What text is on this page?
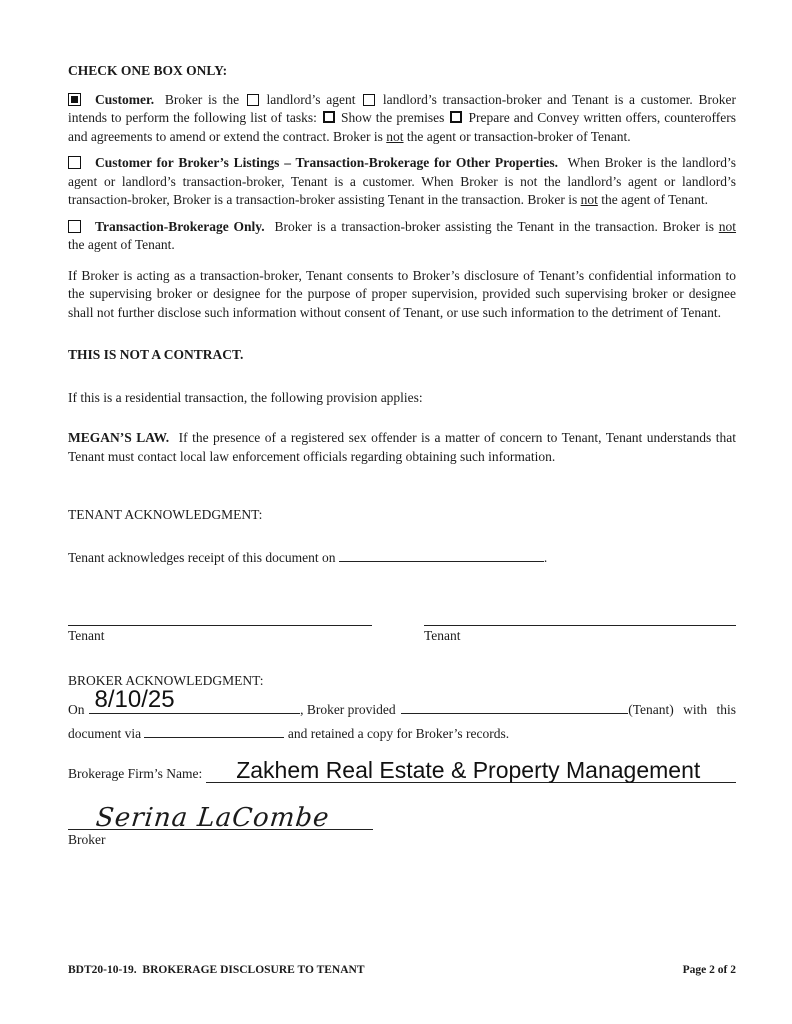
CHECK ONE BOX ONLY:

Customer. Broker is the landlord’s agent landlord’s transaction-broker and Tenant is a customer. Broker intends to perform the following list of tasks: Show the premises Prepare and Convey written offers, counteroffers and agreements to amend or extend the contract. Broker is not the agent or transaction-broker of Tenant.

Customer for Broker’s Listings – Transaction-Brokerage for Other Properties. When Broker is the landlord’s agent or landlord’s transaction-broker, Tenant is a customer. When Broker is not the landlord’s agent or landlord’s transaction-broker, Broker is a transaction-broker assisting Tenant in the transaction. Broker is not the agent of Tenant.

Transaction-Brokerage Only. Broker is a transaction-broker assisting the Tenant in the transaction. Broker is not the agent of Tenant.

If Broker is acting as a transaction-broker, Tenant consents to Broker’s disclosure of Tenant’s confidential information to the supervising broker or designee for the purpose of proper supervision, provided such supervising broker or designee shall not further disclose such information without consent of Tenant, or use such information to the detriment of Tenant.

THIS IS NOT A CONTRACT.

If this is a residential transaction, the following provision applies:

MEGAN’S LAW. If the presence of a registered sex offender is a matter of concern to Tenant, Tenant understands that Tenant must contact local law enforcement officials regarding obtaining such information.

TENANT ACKNOWLEDGMENT:

Tenant acknowledges receipt of this document on	.

Tenant	Tenant

BROKER ACKNOWLEDGMENT:

On 8/10/25	, Broker provided	(Tenant) with this

document via	and retained a copy for Broker’s records.

Brokerage Firm’s Name: Zakhem Real Estate & Property Management
Serina LaCombe
Broker
BDT20-10-19.  BROKERAGE DISCLOSURE TO TENANT	Page 2 of 2
